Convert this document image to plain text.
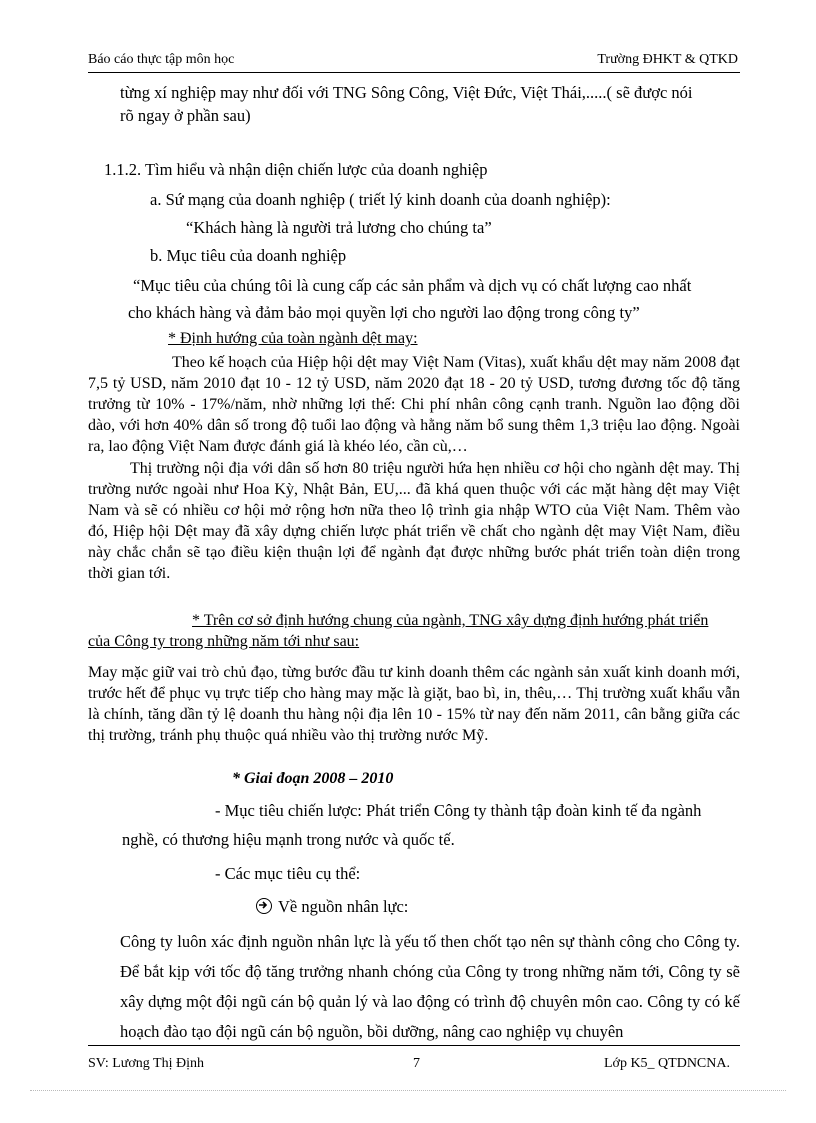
Báo cáo thực tập môn học	Trường ĐHKT & QTKD
từng xí nghiệp may như đối với TNG Sông Công, Việt Đức, Việt Thái,.....( sẽ được nói
rõ ngay ở phần sau)
1.1.2. Tìm hiểu và nhận diện chiến lược của doanh nghiệp
a. Sứ mạng của doanh nghiệp ( triết lý kinh doanh của doanh nghiệp):
“Khách hàng là người trả lương cho chúng ta”
b. Mục tiêu của doanh nghiệp
“Mục tiêu của chúng tôi là cung cấp các sản phẩm và dịch vụ có chất lượng cao nhất
cho khách hàng và đảm bảo mọi quyền lợi cho người lao động trong công ty”
* Định hướng của toàn ngành dệt may:
Theo kế hoạch của Hiệp hội dệt may Việt Nam (Vitas), xuất khẩu dệt may năm 2008 đạt 7,5 tỷ USD, năm 2010 đạt 10 - 12 tỷ USD, năm 2020 đạt 18 - 20 tỷ USD, tương đương tốc độ tăng trưởng từ 10% - 17%/năm, nhờ những lợi thế: Chi phí nhân công cạnh tranh. Nguồn lao động dồi dào, với hơn 40% dân số trong độ tuổi lao động và hằng năm bổ sung thêm 1,3 triệu lao động. Ngoài ra, lao động Việt Nam được đánh giá là khéo léo, cần cù,…
Thị trường nội địa với dân số hơn 80 triệu người hứa hẹn nhiều cơ hội cho ngành dệt may. Thị trường nước ngoài như Hoa Kỳ, Nhật Bản, EU,... đã khá quen thuộc với các mặt hàng dệt may Việt Nam và sẽ có nhiều cơ hội mở rộng hơn nữa theo lộ trình gia nhập WTO của Việt Nam. Thêm vào đó, Hiệp hội Dệt may đã xây dựng chiến lược phát triển về chất cho ngành dệt may Việt Nam, điều này chắc chắn sẽ tạo điều kiện thuận lợi để ngành đạt được những bước phát triển toàn diện trong thời gian tới.
* Trên cơ sở định hướng chung của ngành, TNG xây dựng định hướng phát triển
của Công ty trong những năm tới như sau:
May mặc giữ vai trò chủ đạo, từng bước đầu tư kinh doanh thêm các ngành sản xuất kinh doanh mới, trước hết để phục vụ trực tiếp cho hàng may mặc là giặt, bao bì, in, thêu,… Thị trường xuất khẩu vẫn là chính, tăng dần tỷ lệ doanh thu hàng nội địa lên 10 - 15% từ nay đến năm 2011, cân bằng giữa các thị trường, tránh phụ thuộc quá nhiều vào thị trường nước Mỹ.
* Giai đoạn 2008 – 2010
- Mục tiêu chiến lược: Phát triển Công ty thành tập đoàn kinh tế đa ngành
nghề, có thương hiệu mạnh trong nước và quốc tế.
- Các mục tiêu cụ thể:
Về nguồn nhân lực:
Công ty luôn xác định nguồn nhân lực là yếu tố then chốt tạo nên sự thành công cho Công ty. Để bắt kịp với tốc độ tăng trưởng nhanh chóng của Công ty trong những năm tới, Công ty sẽ xây dựng một đội ngũ cán bộ quản lý và lao động có trình độ chuyên môn cao. Công ty có kế hoạch đào tạo đội ngũ cán bộ nguồn, bồi dưỡng, nâng cao nghiệp vụ chuyên
SV: Lương Thị Định	7	Lớp K5_ QTDNCNA.
